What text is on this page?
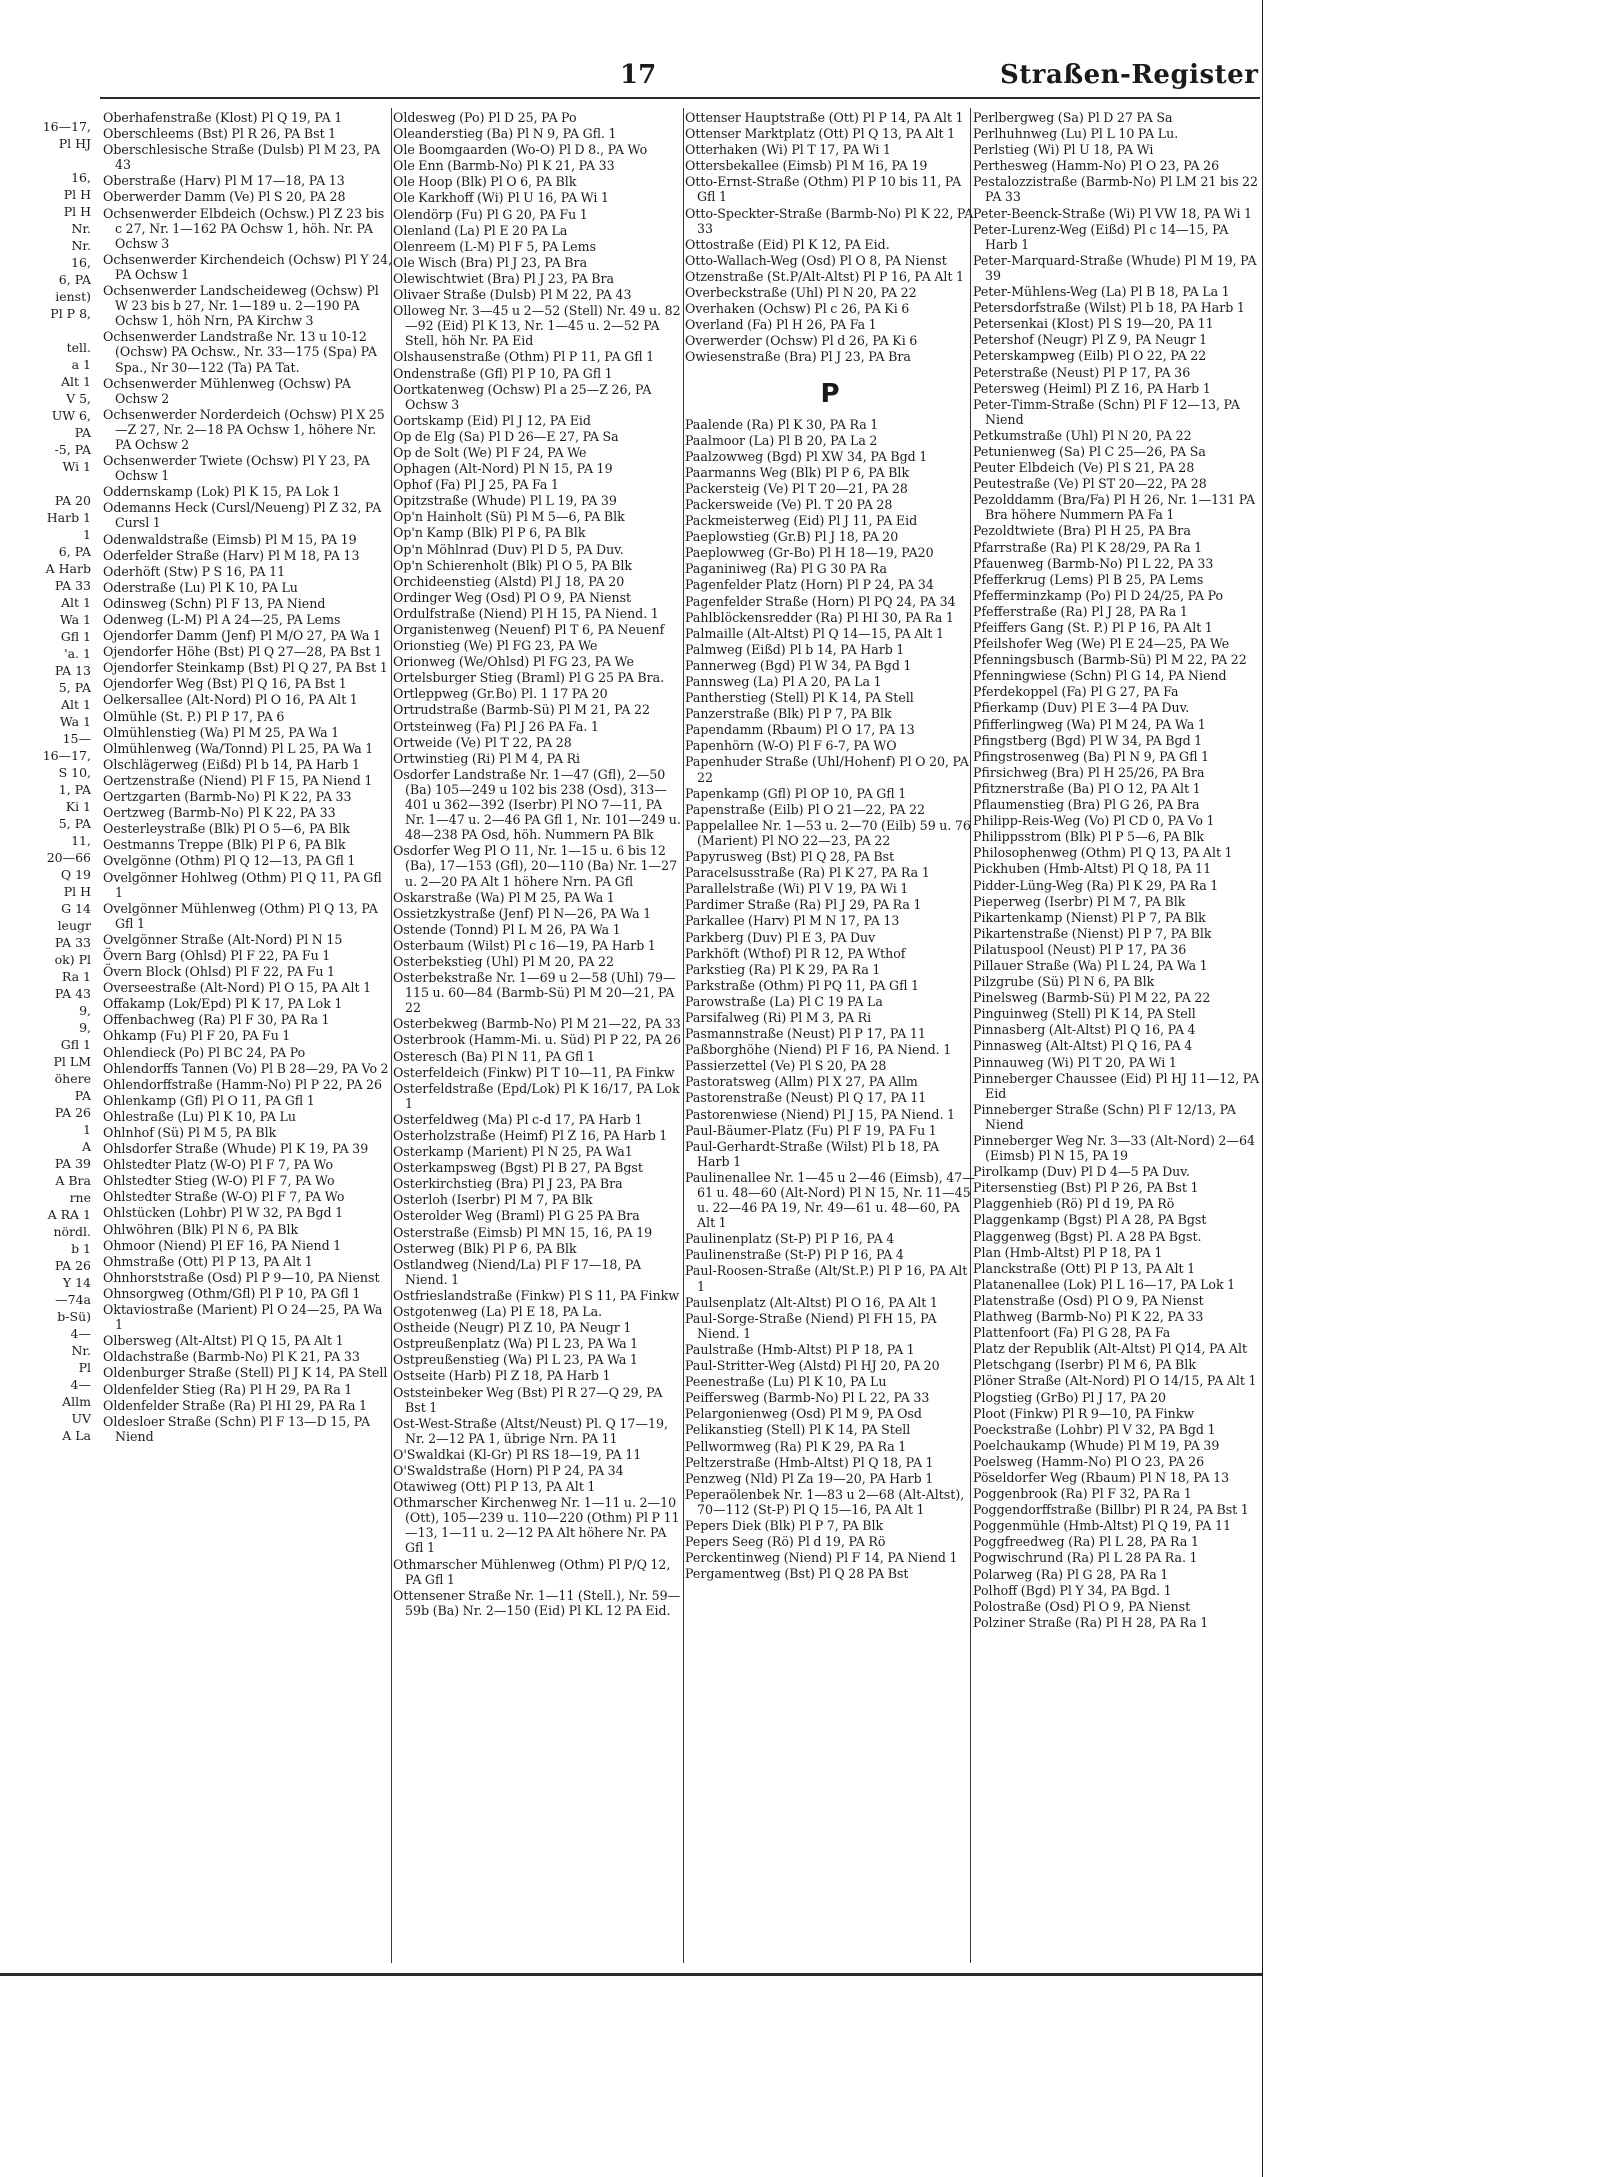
17	Straßen-Register
16—17,
Pl HJ
16,
Pl H
Pl H
Nr.
Nr.
16,
6, PA
ienst)
Pl P 8,
tell.
a 1
Alt 1
V 5,
UW 6,
PA
-5, PA
Wi 1
PA 20
Harb 1
1
6, PA
A Harb
PA 33
Alt 1
Wa 1
Gfl 1
'a. 1
PA 13
5, PA
Alt 1
Wa 1
15—
16—17,
S 10,
1, PA
Ki 1
5, PA
11,
20—66
Q 19
Pl H
G 14
leugr
PA 33
ok) Pl
Ra 1
PA 43
9,
9,
Gfl 1
Pl LM
öhere
PA
PA 26
1
A
PA 39
A Bra
rne
A RA 1
nördl.
b 1
PA 26
Y 14
—74a
b-Sü)
4—
Nr.
Pl
4—
Allm
UV
A La
Oberhafenstraße (Klost) Pl Q 19, PA 1
Oberschleems (Bst) Pl R 26, PA Bst 1
Oberschlesische Straße (Dulsb) Pl M 23, PA 43
Oberstraße (Harv) Pl M 17—18, PA 13
Oberwerder Damm (Ve) Pl S 20, PA 28
Ochsenwerder Elbdeich (Ochsw.) Pl Z 23 bis c 27, Nr. 1—162 PA Ochsw 1, höh. Nr. PA Ochsw 3
Ochsenwerder Kirchendeich (Ochsw) Pl Y 24, PA Ochsw 1
Ochsenwerder Landscheideweg (Ochsw) Pl W 23 bis b 27, Nr. 1—189 u. 2—190 PA Ochsw 1, höh Nrn, PA Kirchw 3
Ochsenwerder Landstraße Nr. 13 u 10-12 (Ochsw) PA Ochsw., Nr. 33—175 (Spa) PA Spa., Nr 30—122 (Ta) PA Tat.
Ochsenwerder Mühlenweg (Ochsw) PA Ochsw 2
Ochsenwerder Norderdeich (Ochsw) Pl X 25—Z 27, Nr. 2—18 PA Ochsw 1, höhere Nr. PA Ochsw 2
Ochsenwerder Twiete (Ochsw) Pl Y 23, PA Ochsw 1
Oddernskamp (Lok) Pl K 15, PA Lok 1
Odemanns Heck (Cursl/Neueng) Pl Z 32, PA Cursl 1
Odenwaldstraße (Eimsb) Pl M 15, PA 19
Oderfelder Straße (Harv) Pl M 18, PA 13
Oderhöft (Stw) P S 16, PA 11
Oderstraße (Lu) Pl K 10, PA Lu
Odinsweg (Schn) Pl F 13, PA Niend
Odenweg (L-M) Pl A 24—25, PA Lems
Ojendorfer Damm (Jenf) Pl M/O 27, PA Wa 1
Ojendorfer Höhe (Bst) Pl Q 27—28, PA Bst 1
Ojendorfer Steinkamp (Bst) Pl Q 27, PA Bst 1
Ojendorfer Weg (Bst) Pl Q 16, PA Bst 1
Oelkersallee (Alt-Nord) Pl O 16, PA Alt 1
Olmühle (St. P.) Pl P 17, PA 6
Olmühlenstieg (Wa) Pl M 25, PA Wa 1
Olmühlenweg (Wa/Tonnd) Pl L 25, PA Wa 1
Olschlägerweg (Eißd) Pl b 14, PA Harb 1
Oertzenstraße (Niend) Pl F 15, PA Niend 1
Oertzgarten (Barmb-No) Pl K 22, PA 33
Oertzweg (Barmb-No) Pl K 22, PA 33
Oesterleystraße (Blk) Pl O 5—6, PA Blk
Oestmanns Treppe (Blk) Pl P 6, PA Blk
Ovelgönne (Othm) Pl Q 12—13, PA Gfl 1
Ovelgönner Hohlweg (Othm) Pl Q 11, PA Gfl 1
Ovelgönner Mühlenweg (Othm) Pl Q 13, PA Gfl 1
Ovelgönner Straße (Alt-Nord) Pl N 15
Övern Barg (Ohlsd) Pl F 22, PA Fu 1
Övern Block (Ohlsd) Pl F 22, PA Fu 1
Overseestraße (Alt-Nord) Pl O 15, PA Alt 1
Offakamp (Lok/Epd) Pl K 17, PA Lok 1
Offenbachweg (Ra) Pl F 30, PA Ra 1
Ohkamp (Fu) Pl F 20, PA Fu 1
Ohlendieck (Po) Pl BC 24, PA Po
Ohlendorffs Tannen (Vo) Pl B 28—29, PA Vo 2
Ohlendorffstraße (Hamm-No) Pl P 22, PA 26
Ohlenkamp (Gfl) Pl O 11, PA Gfl 1
Ohlestraße (Lu) Pl K 10, PA Lu
Ohlnhof (Sü) Pl M 5, PA Blk
Ohlsdorfer Straße (Whude) Pl K 19, PA 39
Ohlstedter Platz (W-O) Pl F 7, PA Wo
Ohlstedter Stieg (W-O) Pl F 7, PA Wo
Ohlstedter Straße (W-O) Pl F 7, PA Wo
Ohlstücken (Lohbr) Pl W 32, PA Bgd 1
Ohlwöhren (Blk) Pl N 6, PA Blk
Ohmoor (Niend) Pl EF 16, PA Niend 1
Ohmstraße (Ott) Pl P 13, PA Alt 1
Ohnhorststraße (Osd) Pl P 9—10, PA Nienst
Ohnsorgweg (Othm/Gfl) Pl P 10, PA Gfl 1
Oktaviostraße (Marient) Pl O 24—25, PA Wa 1
Olbersweg (Alt-Altst) Pl Q 15, PA Alt 1
Oldachstraße (Barmb-No) Pl K 21, PA 33
Oldenburger Straße (Stell) Pl J K 14, PA Stell
Oldenfelder Stieg (Ra) Pl H 29, PA Ra 1
Oldenfelder Straße (Ra) Pl HI 29, PA Ra 1
Oldesloer Straße (Schn) Pl F 13—D 15, PA Niend
Oldesweg (Po) Pl D 25, PA Po
Oleanderstieg (Ba) Pl N 9, PA Gfl. 1
Ole Boomgaarden (Wo-O) Pl D 8., PA Wo
Ole Enn (Barmb-No) Pl K 21, PA 33
Ole Hoop (Blk) Pl O 6, PA Blk
Ole Karkhoff (Wi) Pl U 16, PA Wi 1
Olendörp (Fu) Pl G 20, PA Fu 1
Olenland (La) Pl E 20 PA La
Olenreem (L-M) Pl F 5, PA Lems
Ole Wisch (Bra) Pl J 23, PA Bra
Olewischtwiet (Bra) Pl J 23, PA Bra
Olivaer Straße (Dulsb) Pl M 22, PA 43
Olloweg Nr. 3—45 u 2—52 (Stell) Nr. 49 u. 82—92 (Eid) Pl K 13, Nr. 1—45 u. 2—52 PA Stell, höh Nr. PA Eid
Olshausenstraße (Othm) Pl P 11, PA Gfl 1
Ondenstraße (Gfl) Pl P 10, PA Gfl 1
Oortkatenweg (Ochsw) Pl a 25—Z 26, PA Ochsw 3
Oortskamp (Eid) Pl J 12, PA Eid
Op de Elg (Sa) Pl D 26—E 27, PA Sa
Op de Solt (We) Pl F 24, PA We
Ophagen (Alt-Nord) Pl N 15, PA 19
Ophof (Fa) Pl J 25, PA Fa 1
Opitzstraße (Whude) Pl L 19, PA 39
Op'n Hainholt (Sü) Pl M 5—6, PA Blk
Op'n Kamp (Blk) Pl P 6, PA Blk
Op'n Möhlnrad (Duv) Pl D 5, PA Duv.
Op'n Schierenholt (Blk) Pl O 5, PA Blk
Orchideenstieg (Alstd) Pl J 18, PA 20
Ordinger Weg (Osd) Pl O 9, PA Nienst
Ordulfstraße (Niend) Pl H 15, PA Niend. 1
Organistenweg (Neuenf) Pl T 6, PA Neuenf
Orionstieg (We) Pl FG 23, PA We
Orionweg (We/Ohlsd) Pl FG 23, PA We
Ortelsburger Stieg (Braml) Pl G 25 PA Bra.
Ortleppweg (Gr.Bo) Pl. 1 17 PA 20
Ortrudstraße (Barmb-Sü) Pl M 21, PA 22
Ortsteinweg (Fa) Pl J 26 PA Fa. 1
Ortweide (Ve) Pl T 22, PA 28
Ortwinstieg (Ri) Pl M 4, PA Ri
Osdorfer Landstraße Nr. 1—47 (Gfl), 2—50 (Ba) 105—249 u 102 bis 238 (Osd), 313—401 u 362—392 (Iserbr) Pl NO 7—11, PA Nr. 1—47 u. 2—46 PA Gfl 1, Nr. 101—249 u. 48—238 PA Osd, höh. Nummern PA Blk
Osdorfer Weg Pl O 11, Nr. 1—15 u. 6 bis 12 (Ba), 17—153 (Gfl), 20—110 (Ba) Nr. 1—27 u. 2—20 PA Alt 1 höhere Nrn. PA Gfl
Oskarstraße (Wa) Pl M 25, PA Wa 1
Ossietzkystraße (Jenf) Pl N—26, PA Wa 1
Ostende (Tonnd) Pl L M 26, PA Wa 1
Osterbaum (Wilst) Pl c 16—19, PA Harb 1
Osterbekstieg (Uhl) Pl M 20, PA 22
Osterbekstraße Nr. 1—69 u 2—58 (Uhl) 79—115 u. 60—84 (Barmb-Sü) Pl M 20—21, PA 22
Osterbekweg (Barmb-No) Pl M 21—22, PA 33
Osterbrook (Hamm-Mi. u. Süd) Pl P 22, PA 26
Osteresch (Ba) Pl N 11, PA Gfl 1
Osterfeldeich (Finkw) Pl T 10—11, PA Finkw
Osterfeldstraße (Epd/Lok) Pl K 16/17, PA Lok 1
Osterfeldweg (Ma) Pl c-d 17, PA Harb 1
Osterholzstraße (Heimf) Pl Z 16, PA Harb 1
Osterkamp (Marient) Pl N 25, PA Wa1
Osterkampsweg (Bgst) Pl B 27, PA Bgst
Osterkirchstieg (Bra) Pl J 23, PA Bra
Osterloh (Iserbr) Pl M 7, PA Blk
Osterolder Weg (Braml) Pl G 25 PA Bra
Osterstraße (Eimsb) Pl MN 15, 16, PA 19
Osterweg (Blk) Pl P 6, PA Blk
Ostlandweg (Niend/La) Pl F 17—18, PA Niend. 1
Ostfrieslandstraße (Finkw) Pl S 11, PA Finkw
Ostgotenweg (La) Pl E 18, PA La.
Ostheide (Neugr) Pl Z 10, PA Neugr 1
Ostpreußenplatz (Wa) Pl L 23, PA Wa 1
Ostpreußenstieg (Wa) Pl L 23, PA Wa 1
Ostseite (Harb) Pl Z 18, PA Harb 1
Oststeinbeker Weg (Bst) Pl R 27—Q 29, PA Bst 1
Ost-West-Straße (Altst/Neust) Pl. Q 17—19, Nr. 2—12 PA 1, übrige Nrn. PA 11
O'Swaldkai (Kl-Gr) Pl RS 18—19, PA 11
O'Swaldstraße (Horn) Pl P 24, PA 34
Otawiweg (Ott) Pl P 13, PA Alt 1
Othmarscher Kirchenweg Nr. 1—11 u. 2—10 (Ott), 105—239 u. 110—220 (Othm) Pl P 11—13, 1—11 u. 2—12 PA Alt höhere Nr. PA Gfl 1
Othmarscher Mühlenweg (Othm) Pl P/Q 12, PA Gfl 1
Ottensener Straße Nr. 1—11 (Stell.), Nr. 59—59b (Ba) Nr. 2—150 (Eid) Pl KL 12 PA Eid.
Ottenser Hauptstraße (Ott) Pl P 14, PA Alt 1
Ottenser Marktplatz (Ott) Pl Q 13, PA Alt 1
Otterhaken (Wi) Pl T 17, PA Wi 1
Ottersbekallee (Eimsb) Pl M 16, PA 19
Otto-Ernst-Straße (Othm) Pl P 10 bis 11, PA Gfl 1
Otto-Speckter-Straße (Barmb-No) Pl K 22, PA 33
Ottostraße (Eid) Pl K 12, PA Eid.
Otto-Wallach-Weg (Osd) Pl O 8, PA Nienst
Otzenstraße (St.P/Alt-Altst) Pl P 16, PA Alt 1
Overbeckstraße (Uhl) Pl N 20, PA 22
Overhaken (Ochsw) Pl c 26, PA Ki 6
Overland (Fa) Pl H 26, PA Fa 1
Overwerder (Ochsw) Pl d 26, PA Ki 6
Owiesenstraße (Bra) Pl J 23, PA Bra
P
Paalende (Ra) Pl K 30, PA Ra 1
Paalmoor (La) Pl B 20, PA La 2
Paalzowweg (Bgd) Pl XW 34, PA Bgd 1
Paarmanns Weg (Blk) Pl P 6, PA Blk
Packersteig (Ve) Pl T 20—21, PA 28
Packersweide (Ve) Pl. T 20 PA 28
Packmeisterweg (Eid) Pl J 11, PA Eid
Paeplowstieg (Gr.B) Pl J 18, PA 20
Paeplowweg (Gr-Bo) Pl H 18—19, PA20
Paganiniweg (Ra) Pl G 30 PA Ra
Pagenfelder Platz (Horn) Pl P 24, PA 34
Pagenfelder Straße (Horn) Pl PQ 24, PA 34
Pahlblöckensredder (Ra) Pl HI 30, PA Ra 1
Palmaille (Alt-Altst) Pl Q 14—15, PA Alt 1
Palmweg (Eißd) Pl b 14, PA Harb 1
Pannerweg (Bgd) Pl W 34, PA Bgd 1
Pannsweg (La) Pl A 20, PA La 1
Pantherstieg (Stell) Pl K 14, PA Stell
Panzerstraße (Blk) Pl P 7, PA Blk
Papendamm (Rbaum) Pl O 17, PA 13
Papenhörn (W-O) Pl F 6-7, PA WO
Papenhuder Straße (Uhl/Hohenf) Pl O 20, PA 22
Papenkamp (Gfl) Pl OP 10, PA Gfl 1
Papenstraße (Eilb) Pl O 21—22, PA 22
Pappelallee Nr. 1—53 u. 2—70 (Eilb) 59 u. 76 (Marient) Pl NO 22—23, PA 22
Papyrusweg (Bst) Pl Q 28, PA Bst
Paracelsusstraße (Ra) Pl K 27, PA Ra 1
Parallelstraße (Wi) Pl V 19, PA Wi 1
Pardimer Straße (Ra) Pl J 29, PA Ra 1
Parkallee (Harv) Pl M N 17, PA 13
Parkberg (Duv) Pl E 3, PA Duv
Parkhöft (Wthof) Pl R 12, PA Wthof
Parkstieg (Ra) Pl K 29, PA Ra 1
Parkstraße (Othm) Pl PQ 11, PA Gfl 1
Parowstraße (La) Pl C 19 PA La
Parsifalweg (Ri) Pl M 3, PA Ri
Pasmannstraße (Neust) Pl P 17, PA 11
Paßborghöhe (Niend) Pl F 16, PA Niend. 1
Passierzettel (Ve) Pl S 20, PA 28
Pastoratsweg (Allm) Pl X 27, PA Allm
Pastorenstraße (Neust) Pl Q 17, PA 11
Pastorenwiese (Niend) Pl J 15, PA Niend. 1
Paul-Bäumer-Platz (Fu) Pl F 19, PA Fu 1
Paul-Gerhardt-Straße (Wilst) Pl b 18, PA Harb 1
Paulinenallee Nr. 1—45 u 2—46 (Eimsb), 47—61 u. 48—60 (Alt-Nord) Pl N 15, Nr. 11—45 u. 22—46 PA 19, Nr. 49—61 u. 48—60, PA Alt 1
Paulinenplatz (St-P) Pl P 16, PA 4
Paulinenstraße (St-P) Pl P 16, PA 4
Paul-Roosen-Straße (Alt/St.P.) Pl P 16, PA Alt 1
Paulsenplatz (Alt-Altst) Pl O 16, PA Alt 1
Paul-Sorge-Straße (Niend) Pl FH 15, PA Niend. 1
Paulstraße (Hmb-Altst) Pl P 18, PA 1
Paul-Stritter-Weg (Alstd) Pl HJ 20, PA 20
Peenestraße (Lu) Pl K 10, PA Lu
Peiffersweg (Barmb-No) Pl L 22, PA 33
Pelargonienweg (Osd) Pl M 9, PA Osd
Pelikanstieg (Stell) Pl K 14, PA Stell
Pellwormweg (Ra) Pl K 29, PA Ra 1
Peltzerstraße (Hmb-Altst) Pl Q 18, PA 1
Penzweg (Nld) Pl Za 19—20, PA Harb 1
Peperaölenbek Nr. 1—83 u 2—68 (Alt-Altst), 70—112 (St-P) Pl Q 15—16, PA Alt 1
Pepers Diek (Blk) Pl P 7, PA Blk
Pepers Seeg (Rö) Pl d 19, PA Rö
Perckentinweg (Niend) Pl F 14, PA Niend 1
Pergamentweg (Bst) Pl Q 28 PA Bst
Perlbergweg (Sa) Pl D 27 PA Sa
Perlhuhnweg (Lu) Pl L 10 PA Lu.
Perlstieg (Wi) Pl U 18, PA Wi
Perthesweg (Hamm-No) Pl O 23, PA 26
Pestalozzistraße (Barmb-No) Pl LM 21 bis 22 PA 33
Peter-Beenck-Straße (Wi) Pl VW 18, PA Wi 1
Peter-Lurenz-Weg (Eißd) Pl c 14—15, PA Harb 1
Peter-Marquard-Straße (Whude) Pl M 19, PA 39
Peter-Mühlens-Weg (La) Pl B 18, PA La 1
Petersdorfstraße (Wilst) Pl b 18, PA Harb 1
Petersenkai (Klost) Pl S 19—20, PA 11
Petershof (Neugr) Pl Z 9, PA Neugr 1
Peterskampweg (Eilb) Pl O 22, PA 22
Peterstraße (Neust) Pl P 17, PA 36
Petersweg (Heiml) Pl Z 16, PA Harb 1
Peter-Timm-Straße (Schn) Pl F 12—13, PA Niend
Petkumstraße (Uhl) Pl N 20, PA 22
Petunienweg (Sa) Pl C 25—26, PA Sa
Peuter Elbdeich (Ve) Pl S 21, PA 28
Peutestraße (Ve) Pl ST 20—22, PA 28
Pezolddamm (Bra/Fa) Pl H 26, Nr. 1—131 PA Bra höhere Nummern PA Fa 1
Pezoldtwiete (Bra) Pl H 25, PA Bra
Pfarrstraße (Ra) Pl K 28/29, PA Ra 1
Pfauenweg (Barmb-No) Pl L 22, PA 33
Pfefferkrug (Lems) Pl B 25, PA Lems
Pfefferminzkamp (Po) Pl D 24/25, PA Po
Pfefferstraße (Ra) Pl J 28, PA Ra 1
Pfeiffers Gang (St. P.) Pl P 16, PA Alt 1
Pfeilshofer Weg (We) Pl E 24—25, PA We
Pfenningsbusch (Barmb-Sü) Pl M 22, PA 22
Pfenningwiese (Schn) Pl G 14, PA Niend
Pferdekoppel (Fa) Pl G 27, PA Fa
Pfierkamp (Duv) Pl E 3—4 PA Duv.
Pfifferlingweg (Wa) Pl M 24, PA Wa 1
Pfingstberg (Bgd) Pl W 34, PA Bgd 1
Pfingstrosenweg (Ba) Pl N 9, PA Gfl 1
Pfirsichweg (Bra) Pl H 25/26, PA Bra
Pfitznerstraße (Ba) Pl O 12, PA Alt 1
Pflaumenstieg (Bra) Pl G 26, PA Bra
Philipp-Reis-Weg (Vo) Pl CD 0, PA Vo 1
Philippsstrom (Blk) Pl P 5—6, PA Blk
Philosophenweg (Othm) Pl Q 13, PA Alt 1
Pickhuben (Hmb-Altst) Pl Q 18, PA 11
Pidder-Lüng-Weg (Ra) Pl K 29, PA Ra 1
Pieperweg (Iserbr) Pl M 7, PA Blk
Pikartenkamp (Nienst) Pl P 7, PA Blk
Pikartenstraße (Nienst) Pl P 7, PA Blk
Pilatuspool (Neust) Pl P 17, PA 36
Pillauer Straße (Wa) Pl L 24, PA Wa 1
Pilzgrube (Sü) Pl N 6, PA Blk
Pinelsweg (Barmb-Sü) Pl M 22, PA 22
Pinguinweg (Stell) Pl K 14, PA Stell
Pinnasberg (Alt-Altst) Pl Q 16, PA 4
Pinnasweg (Alt-Altst) Pl Q 16, PA 4
Pinnauweg (Wi) Pl T 20, PA Wi 1
Pinneberger Chaussee (Eid) Pl HJ 11—12, PA Eid
Pinneberger Straße (Schn) Pl F 12/13, PA Niend
Pinneberger Weg Nr. 3—33 (Alt-Nord) 2—64 (Eimsb) Pl N 15, PA 19
Pirolkamp (Duv) Pl D 4—5 PA Duv.
Pitersenstieg (Bst) Pl P 26, PA Bst 1
Plaggenhieb (Rö) Pl d 19, PA Rö
Plaggenkamp (Bgst) Pl A 28, PA Bgst
Plaggenweg (Bgst) Pl. A 28 PA Bgst.
Plan (Hmb-Altst) Pl P 18, PA 1
Planckstraße (Ott) Pl P 13, PA Alt 1
Platanenallee (Lok) Pl L 16—17, PA Lok 1
Platenstraße (Osd) Pl O 9, PA Nienst
Plathweg (Barmb-No) Pl K 22, PA 33
Plattenfoort (Fa) Pl G 28, PA Fa
Platz der Republik (Alt-Altst) Pl Q14, PA Alt
Pletschgang (Iserbr) Pl M 6, PA Blk
Plöner Straße (Alt-Nord) Pl O 14/15, PA Alt 1
Plogstieg (GrBo) Pl J 17, PA 20
Ploot (Finkw) Pl R 9—10, PA Finkw
Poeckstraße (Lohbr) Pl V 32, PA Bgd 1
Poelchaukamp (Whude) Pl M 19, PA 39
Poelsweg (Hamm-No) Pl O 23, PA 26
Pöseldorfer Weg (Rbaum) Pl N 18, PA 13
Poggenbrook (Ra) Pl F 32, PA Ra 1
Poggendorffstraße (Billbr) Pl R 24, PA Bst 1
Poggenmühle (Hmb-Altst) Pl Q 19, PA 11
Poggfreedweg (Ra) Pl L 28, PA Ra 1
Pogwischrund (Ra) Pl L 28 PA Ra. 1
Polarweg (Ra) Pl G 28, PA Ra 1
Polhoff (Bgd) Pl Y 34, PA Bgd. 1
Polostraße (Osd) Pl O 9, PA Nienst
Polziner Straße (Ra) Pl H 28, PA Ra 1
